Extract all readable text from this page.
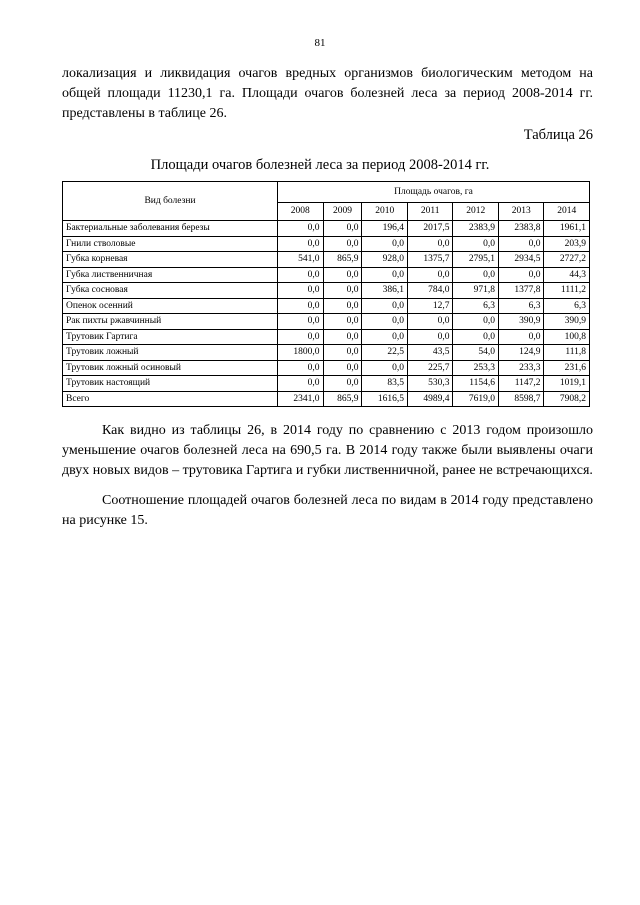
81

локализация и ликвидация очагов вредных организмов биологическим методом на общей площади 11230,1 га. Площади очагов болезней леса за период 2008-2014 гг. представлены в таблице 26.

Таблица 26
Площади очагов болезней леса за период 2008-2014 гг.
Вид болезни	Площадь очагов, га						
	2008	2009	2010	2011	2012	2013	2014
Бактериальные заболевания березы	0,0	0,0	196,4	2017,5	2383,9	2383,8	1961,1
Гнили стволовые	0,0	0,0	0,0	0,0	0,0	0,0	203,9
Губка корневая	541,0	865,9	928,0	1375,7	2795,1	2934,5	2727,2
Губка лиственничная	0,0	0,0	0,0	0,0	0,0	0,0	44,3
Губка сосновая	0,0	0,0	386,1	784,0	971,8	1377,8	1111,2
Опенок осенний	0,0	0,0	0,0	12,7	6,3	6,3	6,3
Рак пихты ржавчинный	0,0	0,0	0,0	0,0	0,0	390,9	390,9
Трутовик Гартига	0,0	0,0	0,0	0,0	0,0	0,0	100,8
Трутовик ложный	1800,0	0,0	22,5	43,5	54,0	124,9	111,8
Трутовик ложный осиновый	0,0	0,0	0,0	225,7	253,3	233,3	231,6
Трутовик настоящий	0,0	0,0	83,5	530,3	1154,6	1147,2	1019,1
Всего	2341,0	865,9	1616,5	4989,4	7619,0	8598,7	7908,2

Как видно из таблицы 26, в 2014 году по сравнению с 2013 годом произошло уменьшение очагов болезней леса на 690,5 га. В 2014 году также были выявлены очаги двух новых видов – трутовика Гартига и губки лиственничной, ранее не встречающихся.

Соотношение площадей очагов болезней леса по видам в 2014 году представлено на рисунке 15.
